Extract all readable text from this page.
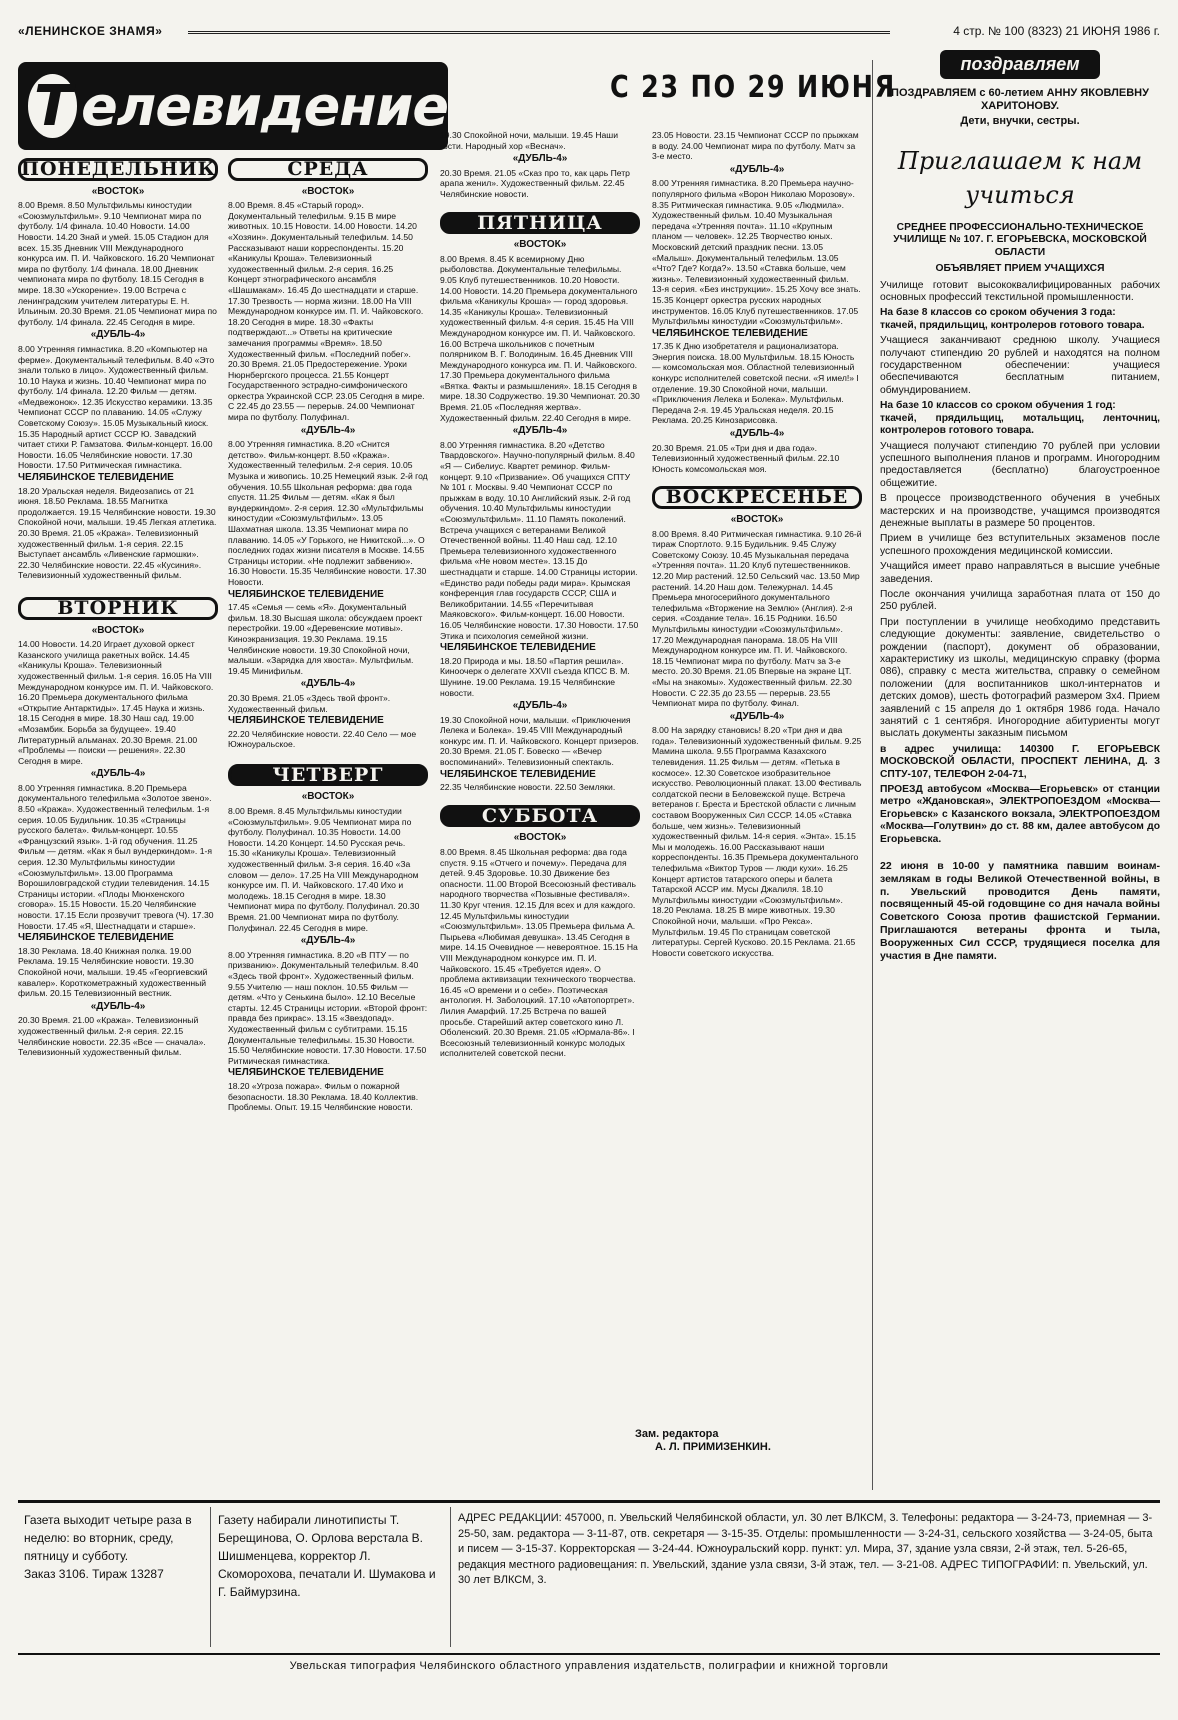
«ЛЕНИНСКОЕ ЗНАМЯ»	4 стр. № 100 (8323) 21 ИЮНЯ 1986 г.
Т елевидение	С 23 ПО 29 ИЮНЯ
ПОНЕДЕЛЬНИК
«ВОСТОК»

8.00 Время. 8.50 Мультфильмы киностудии «Союзмультфильм». 9.10 Чемпионат мира по футболу. 1/4 финала. 10.40 Новости. 14.00 Новости. 14.20 Знай и умей. 15.05 Стадион для всех. 15.35 Дневник VIII Международного конкурса им. П. И. Чайковского. 16.20 Чемпионат мира по футболу. 1/4 финала. 18.00 Дневник чемпионата мира по футболу. 18.15 Сегодня в мире. 18.30 «Ускорение». 19.00 Встреча с ленинградским учителем литературы Е. Н. Ильиным. 20.30 Время. 21.05 Чемпионат мира по футболу. 1/4 финала. 22.45 Сегодня в мире.

«ДУБЛЬ-4»

8.00 Утренняя гимнастика. 8.20 «Компьютер на ферме». Документальный телефильм. 8.40 «Это знали только в лицо». Художественный фильм. 10.10 Наука и жизнь. 10.40 Чемпионат мира по футболу. 1/4 финала. 12.20 Фильм — детям. «Медвежонок». 12.35 Искусство керамики. 13.35 Чемпионат СССР по плаванию. 14.05 «Служу Советскому Союзу». 15.05 Музыкальный киоск. 15.35 Народный артист СССР Ю. Завадский читает стихи Р. Гамзатова. Фильм-концерт. 16.00 Новости. 16.05 Челябинские новости. 17.30 Новости. 17.50 Ритмическая гимнастика.

ЧЕЛЯБИНСКОЕ ТЕЛЕВИДЕНИЕ

18.20 Уральская неделя. Видеозапись от 21 июня. 18.50 Реклама. 18.55 Магнитка продолжается. 19.15 Челябинские новости. 19.30 Спокойной ночи, малыши. 19.45 Легкая атлетика. 20.30 Время. 21.05 «Кража». Телевизионный художественный фильм. 1-я серия. 22.15 Выступает ансамбль «Ливенские гармошки». 22.30 Челябинские новости. 22.45 «Кусиния». Телевизионный художественный фильм.

ВТОРНИК
«ВОСТОК»

14.00 Новости. 14.20 Играет духовой оркест Казанского училища ракетных войск. 14.45 «Каникулы Кроша». Телевизионный художественный фильм. 1-я серия. 16.05 На VIII Международном конкурсе им. П. И. Чайковского. 16.20 Премьера документального фильма «Открытие Антарктиды». 17.45 Наука и жизнь. 18.15 Сегодня в мире. 18.30 Наш сад. 19.00 «Мозамбик. Борьба за будущее». 19.40 Литературный альманах. 20.30 Время. 21.00 «Проблемы — поиски — решения». 22.30 Сегодня в мире.

«ДУБЛЬ-4»

8.00 Утренняя гимнастика. 8.20 Премьера документального телефильма «Золотое звено». 8.50 «Кража». Художественный телефильм. 1-я серия. 10.05 Будильник. 10.35 «Страницы русского балета». Фильм-концерт. 10.55 «Французский язык». 1-й год обучения. 11.25 Фильм — детям. «Как я был вундеркиндом». 1-я серия. 12.30 Мультфильмы киностудии «Союзмультфильм». 13.00 Программа Ворошиловградской студии телевидения. 14.15 Страницы истории. «Плоды Мюнхенского сговора». 15.15 Новости. 15.20 Челябинские новости. 17.15 Если прозвучит тревога (Ч). 17.30 Новости. 17.45 «Я, Шестнадцати и старше».

ЧЕЛЯБИНСКОЕ ТЕЛЕВИДЕНИЕ

18.30 Реклама. 18.40 Книжная полка. 19.00 Реклама. 19.15 Челябинские новости. 19.30 Спокойной ночи, малыши. 19.45 «Георгиевский кавалер». Короткометражный художественный фильм. 20.15 Телевизионный вестник.

«ДУБЛЬ-4»

20.30 Время. 21.00 «Кража». Телевизионный художественный фильм. 2-я серия. 22.15 Челябинские новости. 22.35 «Все — сначала». Телевизионный художественный фильм.

СРЕДА
«ВОСТОК»

8.00 Время. 8.45 «Старый город». Документальный телефильм. 9.15 В мире животных. 10.15 Новости. 14.00 Новости. 14.20 «Хозяин». Документальный телефильм. 14.50 Рассказывают наши корреспонденты. 15.20 «Каникулы Кроша». Телевизионный художественный фильм. 2-я серия. 16.25 Концерт этнографического ансамбля «Шашмакам». 16.45 До шестнадцати и старше. 17.30 Трезвость — норма жизни. 18.00 На VIII Международном конкурсе им. П. И. Чайковского. 18.20 Сегодня в мире. 18.30 «Факты подтверждают...» Ответы на критические замечания программы «Время». 18.50 Художественный фильм. «Последний побег». 20.30 Время. 21.05 Предостережение. Уроки Нюрнбергского процесса. 21.55 Концерт Государственного эстрадно-симфонического оркестра Украинской ССР. 23.05 Сегодня в мире. С 22.45 до 23.55 — перерыв. 24.00 Чемпионат мира по футболу. Полуфинал.

«ДУБЛЬ-4»

8.00 Утренняя гимнастика. 8.20 «Снится детство». Фильм-концерт. 8.50 «Кража». Художественный телефильм. 2-я серия. 10.05 Музыка и живопись. 10.25 Немецкий язык. 2-й год обучения. 10.55 Школьная реформа: два года спустя. 11.25 Фильм — детям. «Как я был вундеркиндом». 2-я серия. 12.30 «Мультфильмы киностудии «Союзмультфильм». 13.05 Шахматная школа. 13.35 Чемпионат мира по плаванию. 14.05 «У Горького, не Никитской...». О последних годах жизни писателя в Москве. 14.55 Страницы истории. «Не подлежит забвению». 16.30 Новости. 15.35 Челябинские новости. 17.30 Новости.

ЧЕЛЯБИНСКОЕ ТЕЛЕВИДЕНИЕ

17.45 «Семья — семь «Я». Документальный фильм. 18.30 Высшая школа: обсуждаем проект перестройки. 19.00 «Деревенские мотивы». Киноэкранизация. 19.30 Реклама. 19.15 Челябинские новости. 19.30 Спокойной ночи, малыши. «Зарядка для хвоста». Мультфильм. 19.45 Минифильм.

«ДУБЛЬ-4»

20.30 Время. 21.05 «Здесь твой фронт». Художественный фильм.

ЧЕЛЯБИНСКОЕ ТЕЛЕВИДЕНИЕ

22.20 Челябинские новости. 22.40 Село — мое Южноуральское.

ЧЕТВЕРГ
«ВОСТОК»

8.00 Время. 8.45 Мультфильмы киностудии «Союзмультфильм». 9.05 Чемпионат мира по футболу. Полуфинал. 10.35 Новости. 14.00 Новости. 14.20 Концерт. 14.50 Русская речь. 15.30 «Каникулы Кроша». Телевизионный художественный фильм. 3-я серия. 16.40 «За словом — дело». 17.25 На VIII Международном конкурсе им. П. И. Чайковского. 17.40 Ихо и молодежь. 18.15 Сегодня в мире. 18.30 Чемпионат мира по футболу. Полуфинал. 20.30 Время. 21.00 Чемпионат мира по футболу. Полуфинал. 22.45 Сегодня в мире.

«ДУБЛЬ-4»

8.00 Утренняя гимнастика. 8.20 «В ПТУ — по призванию». Документальный телефильм. 8.40 «Здесь твой фронт». Художественный фильм. 9.55 Учителю — наш поклон. 10.55 Фильм — детям. «Что у Сенькина было». 12.10 Веселые старты. 12.45 Страницы истории. «Второй фронт: правда без прикрас». 13.15 «Звездопад». Художественный фильм с субтитрами. 15.15 Документальные телефильмы. 15.30 Новости. 15.50 Челябинские новости. 17.30 Новости. 17.50 Ритмическая гимнастика.

ЧЕЛЯБИНСКОЕ ТЕЛЕВИДЕНИЕ

18.20 «Угроза пожара». Фильм о пожарной безопасности. 18.30 Реклама. 18.40 Коллектив. Проблемы. Опыт. 19.15 Челябинские новости.

19.30 Спокойной ночи, малыши. 19.45 Наши гости. Народный хор «Веснач».

«ДУБЛЬ-4»

20.30 Время. 21.05 «Сказ про то, как царь Петр арапа женил». Художественный фильм. 22.45 Челябинские новости.

ПЯТНИЦА
«ВОСТОК»

8.00 Время. 8.45 К всемирному Дню рыболовства. Документальные телефильмы. 9.05 Клуб путешественников. 10.20 Новости. 14.00 Новости. 14.20 Премьера документального фильма «Каникулы Кроша» — город здоровья. 14.35 «Каникулы Кроша». Телевизионный художественный фильм. 4-я серия. 15.45 На VIII Международном конкурсе им. П. И. Чайковского. 16.00 Встреча школьников с почетным полярником В. Г. Володиным. 16.45 Дневник VIII Международного конкурса им. П. И. Чайковского. 17.30 Премьера документального фильма «Вятка. Факты и размышления». 18.15 Сегодня в мире. 18.30 Содружество. 19.30 Чемпионат. 20.30 Время. 21.05 «Последняя жертва». Художественный фильм. 22.40 Сегодня в мире.

«ДУБЛЬ-4»

8.00 Утренняя гимнастика. 8.20 «Детство Твардовского». Научно-популярный фильм. 8.40 «Я — Сибелиус. Квартет реминор. Фильм-концерт. 9.10 «Призвание». Об учащихся СПТУ № 101 г. Москвы. 9.40 Чемпионат СССР по прыжкам в воду. 10.10 Английский язык. 2-й год обучения. 10.40 Мультфильмы киностудии «Союзмультфильм». 11.10 Память поколений. Встреча учащихся с ветеранами Великой Отечественной войны. 11.40 Наш сад. 12.10 Премьера телевизионного художественного фильма «Не новом месте». 13.15 До шестнадцати и старше. 14.00 Страницы истории. «Единство ради победы ради мира». Крымская конференция глав государств СССР, США и Великобритании. 14.55 «Перечитывая Маяковского». Фильм-концерт. 16.00 Новости. 16.05 Челябинские новости. 17.30 Новости. 17.50 Этика и психология семейной жизни.

ЧЕЛЯБИНСКОЕ ТЕЛЕВИДЕНИЕ

18.20 Природа и мы. 18.50 «Партия решила». Киноочерк о делегате XXVII съезда КПСС В. М. Шунине. 19.00 Реклама. 19.15 Челябинские новости.

«ДУБЛЬ-4»

19.30 Спокойной ночи, малыши. «Приключения Лелека и Болека». 19.45 VIII Международный конкурс им. П. И. Чайковского. Концерт призеров. 20.30 Время. 21.05 Г. Бовеско — «Вечер воспоминаний». Телевизионный спектакль.

ЧЕЛЯБИНСКОЕ ТЕЛЕВИДЕНИЕ

22.35 Челябинские новости. 22.50 Земляки.

СУББОТА
«ВОСТОК»

8.00 Время. 8.45 Школьная реформа: два года спустя. 9.15 «Отчего и почему». Передача для детей. 9.45 Здоровье. 10.30 Движение без опасности. 11.00 Второй Всесоюзный фестиваль народного творчества «Позывные фестиваля». 11.30 Круг чтения. 12.15 Для всех и для каждого. 12.45 Мультфильмы киностудии «Союзмультфильм». 13.05 Премьера фильма А. Пырьева «Любимая девушка». 13.45 Сегодня в мире. 14.15 Очевидное — невероятное. 15.15 На VIII Международном конкурсе им. П. И. Чайковского. 15.45 «Требуется идея». О проблема активизации технического творчества. 16.45 «О времени и о себе». Поэтическая антология. Н. Заболоцкий. 17.10 «Автопортрет». Лилия Амарфий. 17.25 Встреча по вашей просьбе. Старейший актер советского кино Л. Оболенский. 20.30 Время. 21.05 «Юрмала-86». I Всесоюзный телевизионный конкурс молодых исполнителей советской песни.

23.05 Новости. 23.15 Чемпионат СССР по прыжкам в воду. 24.00 Чемпионат мира по футболу. Матч за 3-е место.

«ДУБЛЬ-4»

8.00 Утренняя гимнастика. 8.20 Премьера научно-популярного фильма «Ворон Николаю Морозову». 8.35 Ритмическая гимнастика. 9.05 «Людмила». Художественный фильм. 10.40 Музыкальная передача «Утренняя почта». 11.10 «Крупным планом — человек». 12.25 Творчество юных. Московский детский праздник песни. 13.05 «Малыш». Документальный телефильм. 13.05 «Что? Где? Когда?». 13.50 «Ставка больше, чем жизнь». Телевизионный художественный фильм. 13-я серия. «Без инструкции». 15.25 Хочу все знать. 15.35 Концерт оркестра русских народных инструментов. 16.05 Клуб путешественников. 17.05 Мультфильмы киностудии «Союзмультфильм».

ЧЕЛЯБИНСКОЕ ТЕЛЕВИДЕНИЕ

17.35 К Дню изобретателя и рационализатора. Энергия поиска. 18.00 Мультфильм. 18.15 Юность — комсомольская моя. Областной телевизионный конкурс исполнителей советской песни. «Я имел!» I отделение. 19.30 Спокойной ночи, малыши. «Приключения Лелека и Болека». Мультфильм. Передача 2-я. 19.45 Уральская неделя. 20.15 Реклама. 20.25 Кинозарисовка.

«ДУБЛЬ-4»

20.30 Время. 21.05 «Три дня и два года». Телевизионный художественный фильм. 22.10 Юность комсомольская моя.

ВОСКРЕСЕНЬЕ
«ВОСТОК»

8.00 Время. 8.40 Ритмическая гимнастика. 9.10 26-й тираж Спортлото. 9.15 Будильник. 9.45 Служу Советскому Союзу. 10.45 Музыкальная передача «Утренняя почта». 11.20 Клуб путешественников. 12.20 Мир растений. 12.50 Сельский час. 13.50 Мир растений. 14.20 Наш дом. Тележурнал. 14.45 Премьера многосерийного документального телефильма «Вторжение на Землю» (Англия). 2-я серия. «Создание тела». 16.15 Родники. 16.50 Мультфильмы киностудии «Союзмультфильм». 17.20 Международная панорама. 18.05 На VIII Международном конкурсе им. П. И. Чайковского. 18.15 Чемпионат мира по футболу. Матч за 3-е место. 20.30 Время. 21.05 Впервые на экране ЦТ. «Мы на знакомы». Художественный фильм. 22.30 Новости. С 22.35 до 23.55 — перерыв. 23.55 Чемпионат мира по футболу. Финал.

«ДУБЛЬ-4»

8.00 На зарядку становись! 8.20 «Три дня и два года». Телевизионный художественный фильм. 9.25 Мамина школа. 9.55 Программа Казахского телевидения. 11.25 Фильм — детям. «Петька в космосе». 12.30 Советское изобразительное искусство. Революционный плакат. 13.00 Фестиваль солдатской песни в Беловежской пуще. Встреча ветеранов г. Бреста и Брестской области с личным составом Вооруженных Сил СССР. 14.05 «Ставка больше, чем жизнь». Телевизионный художественный фильм. 14-я серия. «Энта». 15.15 Мы и молодежь. 16.00 Рассказывают наши корреспонденты. 16.35 Премьера документального телефильма «Виктор Туров — люди кухи». 16.25 Концерт артистов татарского оперы и балета Татарской АССР им. Мусы Джалиля. 18.10 Мультфильмы киностудии «Союзмультфильм». 18.20 Реклама. 18.25 В мире животных. 19.30 Спокойной ночи, малыши. «Про Рекса». Мультфильм. 19.45 По страницам советской литературы. Сергей Кусково. 20.15 Реклама. 21.65 Новости советского искусства.

поздравляем
ПОЗДРАВЛЯЕМ с 60-летием АННУ ЯКОВЛЕВНУ ХАРИТОНОВУ.
Дети, внучки, сестры.
Приглашаем к нам учиться

СРЕДНЕЕ ПРОФЕССИОНАЛЬНО-ТЕХНИЧЕСКОЕ УЧИЛИЩЕ № 107. Г. ЕГОРЬЕВСКА, МОСКОВСКОЙ ОБЛАСТИ

ОБЪЯВЛЯЕТ ПРИЕМ УЧАЩИХСЯ

Училище готовит высококвалифицированных рабочих основных профессий текстильной промышленности.

На базе 8 классов со сроком обучения 3 года:

ткачей, прядильщиц, контролеров готового товара.

Учащиеся заканчивают среднюю школу. Учащиеся получают стипендию 20 рублей и находятся на полном государственном обеспечении: учащиеся обеспечиваются бесплатным питанием, обмундированием.

На базе 10 классов со сроком обучения 1 год:

ткачей, прядильщиц, мотальщиц, ленточниц, контролеров готового товара.

Учащиеся получают стипендию 70 рублей при условии успешного выполнения планов и программ. Иногородним предоставляется (бесплатно) благоустроенное общежитие.

В процессе производственного обучения в учебных мастерских и на производстве, учащимся производятся денежные выплаты в размере 50 процентов.

Прием в училище без вступительных экзаменов после успешного прохождения медицинской комиссии.

Учащийся имеет право направляться в высшие учебные заведения.

После окончания училища заработная плата от 150 до 250 рублей.

При поступлении в училище необходимо представить следующие документы: заявление, свидетельство о рождении (паспорт), документ об образовании, характеристику из школы, медицинскую справку (форма 086), справку с места жительства, справку о семейном положении (для воспитанников школ-интернатов и детских домов), шесть фотографий размером 3х4. Прием заявлений с 15 апреля до 1 октября 1986 года. Начало занятий с 1 сентября. Иногородние абитуриенты могут выслать документы заказным письмом

в адрес училища: 140300 Г. ЕГОРЬЕВСК МОСКОВСКОЙ ОБЛАСТИ, ПРОСПЕКТ ЛЕНИНА, Д. 3 СПТУ-107, ТЕЛЕФОН 2-04-71,

ПРОЕЗД автобусом «Москва—Егорьевск» от станции метро «Ждановская», ЭЛЕКТРОПОЕЗДОМ «Москва—Егорьевск» с Казанского вокзала, ЭЛЕКТРОПОЕЗДОМ «Москва—Голутвин» до ст. 88 км, далее автобусом до Егорьевска.

22 июня в 10-00 у памятника павшим воинам-землякам в годы Великой Отечественной войны, в п. Увельский проводится День памяти, посвященный 45-ой годовщине со дня начала войны Советского Союза против фашистской Германии. Приглашаются ветераны фронта и тыла, Вооруженных Сил СССР, трудящиеся поселка для участия в Дне памяти.

Зам. редактора
А. Л. ПРИМИЗЕНКИН.
Газета выходит четыре раза в неделю: во вторник, среду, пятницу и субботу.
Заказ 3106. Тираж 13287
Газету набирали линотиписты Т. Берещинова, О. Орлова верстала В. Шишменцева, корректор Л. Скоморохова, печатали И. Шумакова и Г. Баймурзина.
АДРЕС РЕДАКЦИИ: 457000, п. Увельский Челябинской области, ул. 30 лет ВЛКСМ, 3. Телефоны: редактора — 3-24-73, приемная — 3-25-50, зам. редактора — 3-11-87, отв. секретаря — 3-15-35. Отделы: промышленности — 3-24-31, сельского хозяйства — 3-24-05, быта и писем — 3-15-37. Корректорская — 3-24-44. Южноуральский корр. пункт: ул. Мира, 37, здание узла связи, 2-й этаж, тел. 5-26-65, редакция местного радиовещания: п. Увельский, здание узла связи, 3-й этаж, тел. — 3-21-08. АДРЕС ТИПОГРАФИИ: п. Увельский, ул. 30 лет ВЛКСМ, 3.
Увельская типография Челябинского областного управления издательств, полиграфии и книжной торговли
